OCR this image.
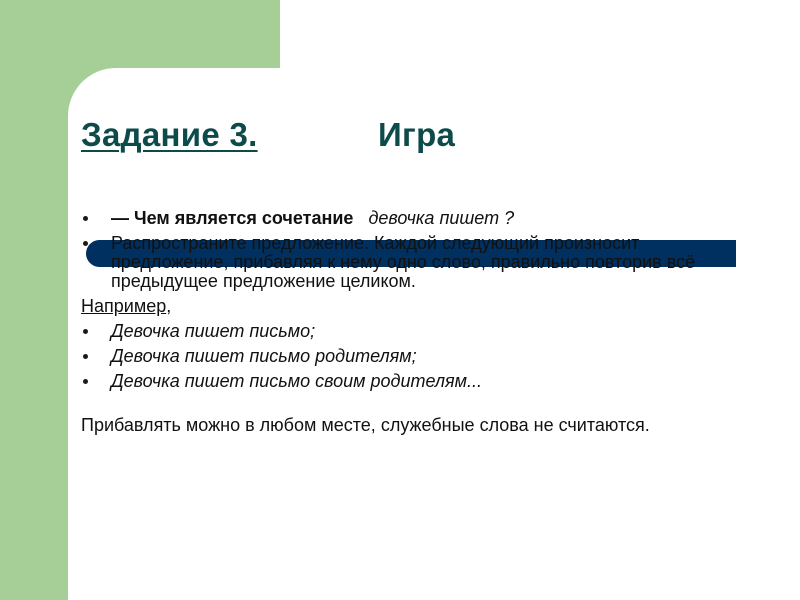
Задание 3.	Игра
— Чем является сочетание девочка пишет ?
Распространите предложение. Каждой следующий произносит предложение, прибавляя к нему одно слово, правильно повторив всё предыдущее предложение целиком.
Например,
Девочка пишет письмо;
Девочка пишет письмо родителям;
Девочка пишет письмо своим родителям...
Прибавлять можно в любом месте, служебные слова не считаются.
